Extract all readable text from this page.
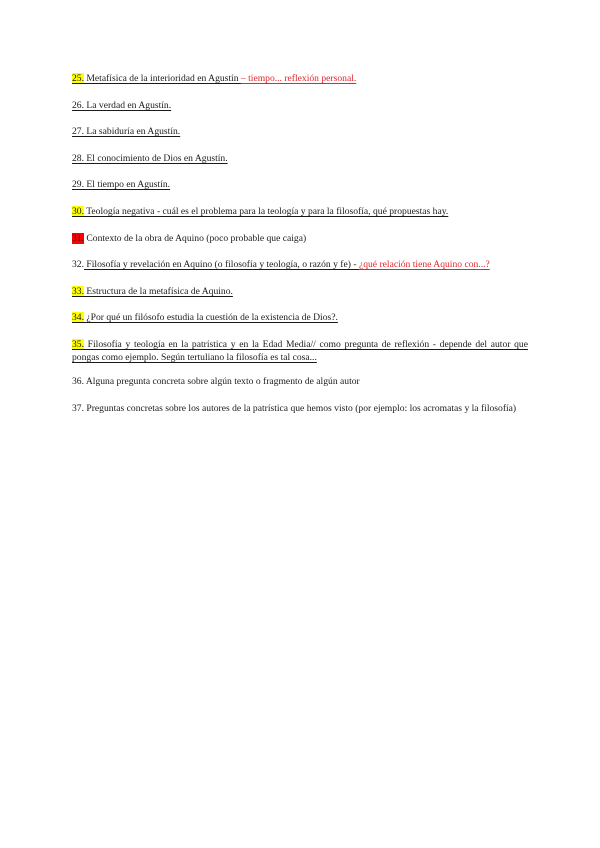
25. Metafísica de la interioridad en Agustín – tiempo... reflexión personal.

26. La verdad en Agustín.

27. La sabiduría en Agustín.

28. El conocimiento de Dios en Agustín.

29. El tiempo en Agustín.

30. Teología negativa - cuál es el problema para la teología y para la filosofía, qué propuestas hay.

31. Contexto de la obra de Aquino (poco probable que caiga)

32. Filosofía y revelación en Aquino (o filosofía y teología, o razón y fe) - ¿qué relación tiene Aquino con...?

33. Estructura de la metafísica de Aquino.

34. ¿Por qué un filósofo estudia la cuestión de la existencia de Dios?.

35. Filosofía y teología en la patrística y en la Edad Media// como pregunta de reflexión - depende del autor que pongas como ejemplo. Según tertuliano la filosofía es tal cosa...

36. Alguna pregunta concreta sobre algún texto o fragmento de algún autor

37. Preguntas concretas sobre los autores de la patrística que hemos visto (por ejemplo: los acromatas y la filosofía)
